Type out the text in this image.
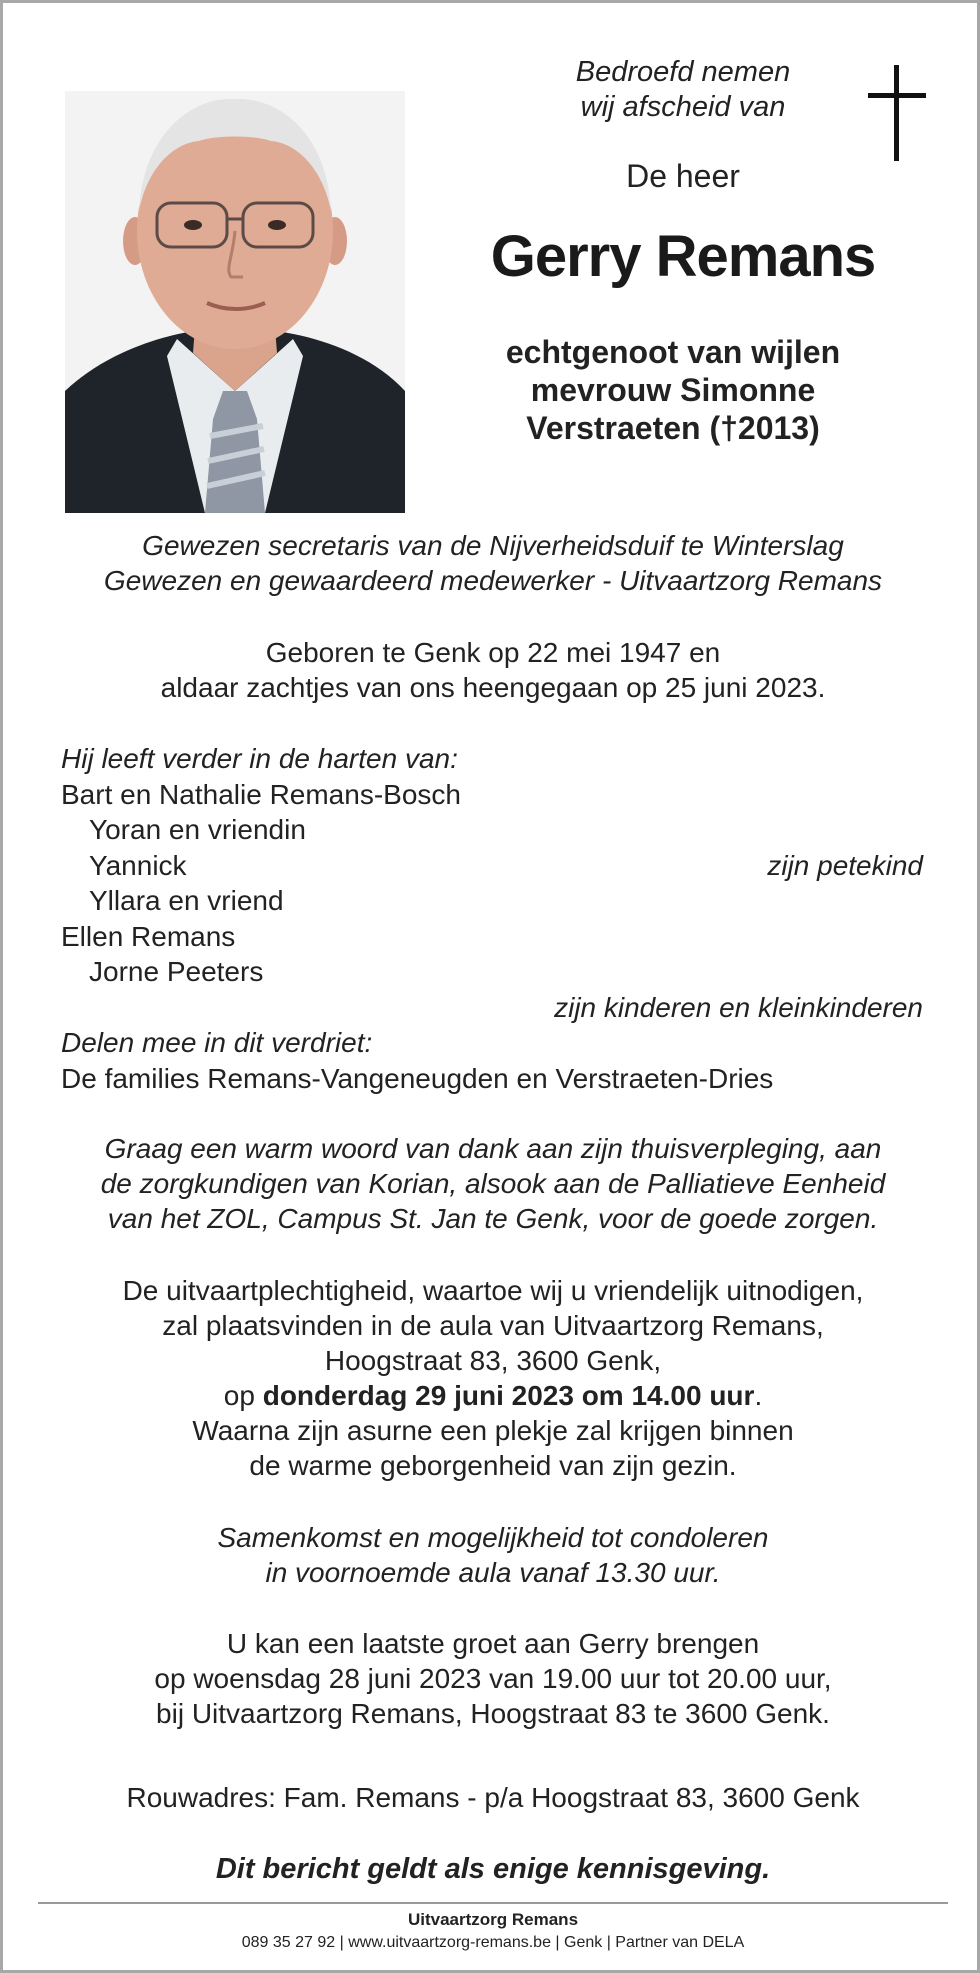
Bedroefd nemen
wij afscheid van
De heer
Gerry Remans
echtgenoot van wijlen
mevrouw Simonne
Verstraeten (†2013)
Gewezen secretaris van de Nijverheidsduif te Winterslag
Gewezen en gewaardeerd medewerker - Uitvaartzorg Remans
Geboren te Genk op 22 mei 1947 en
aldaar zachtjes van ons heengegaan op 25 juni 2023.
Hij leeft verder in de harten van:
Bart en Nathalie Remans-Bosch
Yoran en vriendin
Yannick	zijn petekind
Yllara en vriend
Ellen Remans
Jorne Peeters
zijn kinderen en kleinkinderen
Delen mee in dit verdriet:
De families Remans-Vangeneugden en Verstraeten-Dries
Graag een warm woord van dank aan zijn thuisverpleging, aan
de zorgkundigen van Korian, alsook aan de Palliatieve Eenheid
van het ZOL, Campus St. Jan te Genk, voor de goede zorgen.
De uitvaartplechtigheid, waartoe wij u vriendelijk uitnodigen,
zal plaatsvinden in de aula van Uitvaartzorg Remans,
Hoogstraat 83, 3600 Genk,
op donderdag 29 juni 2023 om 14.00 uur.
Waarna zijn asurne een plekje zal krijgen binnen
de warme geborgenheid van zijn gezin.
Samenkomst en mogelijkheid tot condoleren
in voornoemde aula vanaf 13.30 uur.
U kan een laatste groet aan Gerry brengen
op woensdag 28 juni 2023 van 19.00 uur tot 20.00 uur,
bij Uitvaartzorg Remans, Hoogstraat 83 te 3600 Genk.
Rouwadres: Fam. Remans - p/a Hoogstraat 83, 3600 Genk
Dit bericht geldt als enige kennisgeving.
Uitvaartzorg Remans
089 35 27 92 | www.uitvaartzorg-remans.be | Genk | Partner van DELA
